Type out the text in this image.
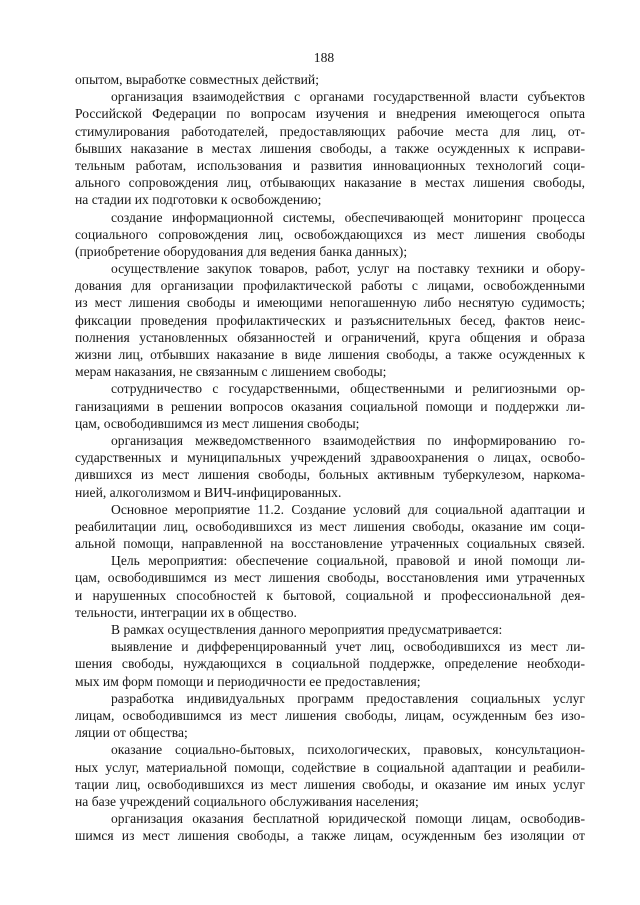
188
опытом, выработке совместных действий;
организация взаимодействия с органами государственной власти субъектов
Российской Федерации по вопросам изучения и внедрения имеющегося опыта
стимулирования работодателей, предоставляющих рабочие места для лиц, от-
бывших наказание в местах лишения свободы, а также осужденных к исправи-
тельным работам, использования и развития инновационных технологий соци-
ального сопровождения лиц, отбывающих наказание в местах лишения свободы,
на стадии их подготовки к освобождению;
создание информационной системы, обеспечивающей мониторинг процесса
социального сопровождения лиц, освобождающихся из мест лишения свободы
(приобретение оборудования для ведения банка данных);
осуществление закупок товаров, работ, услуг на поставку техники и обору-
дования для организации профилактической работы с лицами, освобожденными
из мест лишения свободы и имеющими непогашенную либо неснятую судимость;
фиксации проведения профилактических и разъяснительных бесед, фактов неис-
полнения установленных обязанностей и ограничений, круга общения и образа
жизни лиц, отбывших наказание в виде лишения свободы, а также осужденных к
мерам наказания, не связанным с лишением свободы;
сотрудничество с государственными, общественными и религиозными ор-
ганизациями в решении вопросов оказания социальной помощи и поддержки ли-
цам, освободившимся из мест лишения свободы;
организация межведомственного взаимодействия по информированию го-
сударственных и муниципальных учреждений здравоохранения о лицах, освобо-
дившихся из мест лишения свободы, больных активным туберкулезом, наркома-
нией, алкоголизмом и ВИЧ-инфицированных.
Основное мероприятие 11.2. Создание условий для социальной адаптации и
реабилитации лиц, освободившихся из мест лишения свободы, оказание им соци-
альной помощи, направленной на восстановление утраченных социальных связей.
Цель мероприятия: обеспечение социальной, правовой и иной помощи ли-
цам, освободившимся из мест лишения свободы, восстановления ими утраченных
и нарушенных способностей к бытовой, социальной и профессиональной дея-
тельности, интеграции их в общество.
В рамках осуществления данного мероприятия предусматривается:
выявление и дифференцированный учет лиц, освободившихся из мест ли-
шения свободы, нуждающихся в социальной поддержке, определение необходи-
мых им форм помощи и периодичности ее предоставления;
разработка индивидуальных программ предоставления социальных услуг
лицам, освободившимся из мест лишения свободы, лицам, осужденным без изо-
ляции от общества;
оказание социально-бытовых, психологических, правовых, консультацион-
ных услуг, материальной помощи, содействие в социальной адаптации и реабили-
тации лиц, освободившихся из мест лишения свободы, и оказание им иных услуг
на базе учреждений социального обслуживания населения;
организация оказания бесплатной юридической помощи лицам, освободив-
шимся из мест лишения свободы, а также лицам, осужденным без изоляции от
